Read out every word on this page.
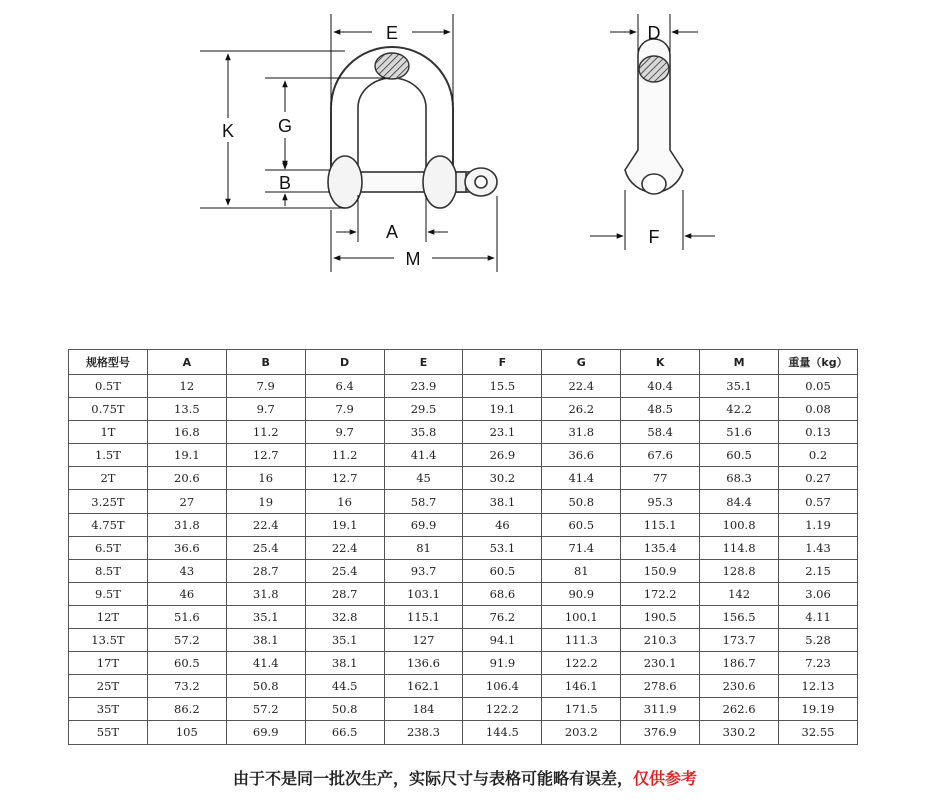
E
K G
B
A
M
D
F
规格型号	A	B	D	E	F	G	K	M	重量（kg）
0.5T	12	7.9	6.4	23.9	15.5	22.4	40.4	35.1	0.05
0.75T	13.5	9.7	7.9	29.5	19.1	26.2	48.5	42.2	0.08
1T	16.8	11.2	9.7	35.8	23.1	31.8	58.4	51.6	0.13
1.5T	19.1	12.7	11.2	41.4	26.9	36.6	67.6	60.5	0.2
2T	20.6	16	12.7	45	30.2	41.4	77	68.3	0.27
3.25T	27	19	16	58.7	38.1	50.8	95.3	84.4	0.57
4.75T	31.8	22.4	19.1	69.9	46	60.5	115.1	100.8	1.19
6.5T	36.6	25.4	22.4	81	53.1	71.4	135.4	114.8	1.43
8.5T	43	28.7	25.4	93.7	60.5	81	150.9	128.8	2.15
9.5T	46	31.8	28.7	103.1	68.6	90.9	172.2	142	3.06
12T	51.6	35.1	32.8	115.1	76.2	100.1	190.5	156.5	4.11
13.5T	57.2	38.1	35.1	127	94.1	111.3	210.3	173.7	5.28
17T	60.5	41.4	38.1	136.6	91.9	122.2	230.1	186.7	7.23
25T	73.2	50.8	44.5	162.1	106.4	146.1	278.6	230.6	12.13
35T	86.2	57.2	50.8	184	122.2	171.5	311.9	262.6	19.19
55T	105	69.9	66.5	238.3	144.5	203.2	376.9	330.2	32.55
由于不是同一批次生产，实际尺寸与表格可能略有误差，仅供参考
